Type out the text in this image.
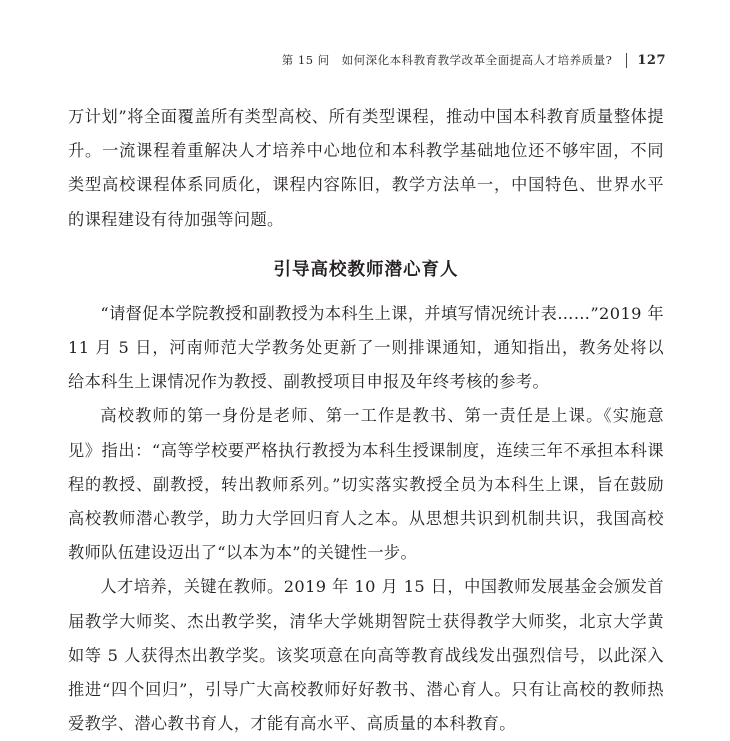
第 15 问 如何深化本科教育教学改革全面提高人才培养质量? 127

万计划”将全面覆盖所有类型高校、所有类型课程，推动中国本科教育质量整体提升。一流课程着重解决人才培养中心地位和本科教学基础地位还不够牢固，不同类型高校课程体系同质化，课程内容陈旧，教学方法单一，中国特色、世界水平的课程建设有待加强等问题。

引导高校教师潜心育人

“请督促本学院教授和副教授为本科生上课，并填写情况统计表……”2019 年 11 月 5 日，河南师范大学教务处更新了一则排课通知，通知指出，教务处将以给本科生上课情况作为教授、副教授项目申报及年终考核的参考。

高校教师的第一身份是老师、第一工作是教书、第一责任是上课。《实施意见》指出：“高等学校要严格执行教授为本科生授课制度，连续三年不承担本科课程的教授、副教授，转出教师系列。”切实落实教授全员为本科生上课，旨在鼓励高校教师潜心教学，助力大学回归育人之本。从思想共识到机制共识，我国高校教师队伍建设迈出了“以本为本”的关键性一步。

人才培养，关键在教师。2019 年 10 月 15 日，中国教师发展基金会颁发首届教学大师奖、杰出教学奖，清华大学姚期智院士获得教学大师奖，北京大学黄如等 5 人获得杰出教学奖。该奖项意在向高等教育战线发出强烈信号，以此深入推进“四个回归”，引导广大高校教师好好教书、潜心育人。只有让高校的教师热爱教学、潜心教书育人，才能有高水平、高质量的本科教育。
